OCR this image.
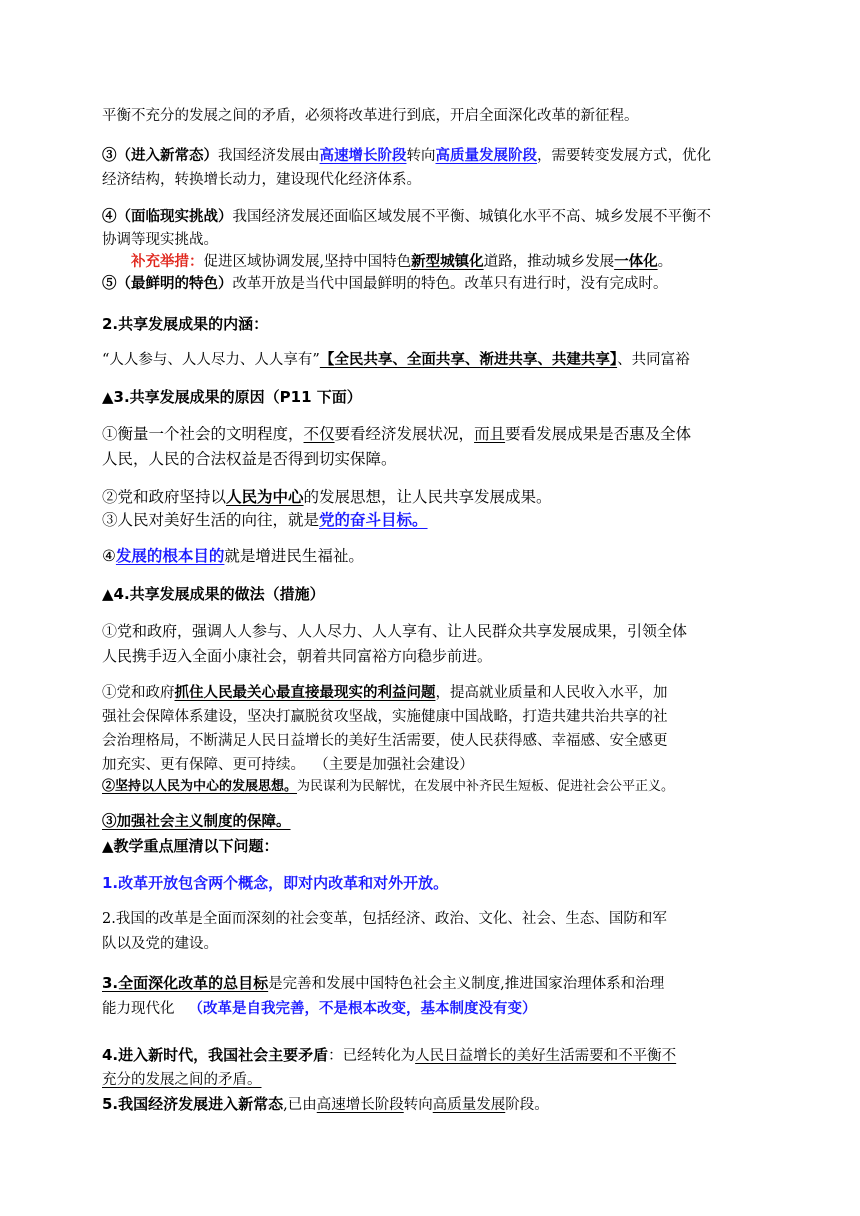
平衡不充分的发展之间的矛盾，必须将改革进行到底，开启全面深化改革的新征程。
③（进入新常态）我国经济发展由高速增长阶段转向高质量发展阶段，需要转变发展方式，优化
经济结构，转换增长动力，建设现代化经济体系。
④（面临现实挑战）我国经济发展还面临区域发展不平衡、城镇化水平不高、城乡发展不平衡不
协调等现实挑战。
补充举措：促进区域协调发展,坚持中国特色新型城镇化道路，推动城乡发展一体化。
⑤（最鲜明的特色）改革开放是当代中国最鲜明的特色。改革只有进行时，没有完成时。
2.共享发展成果的内涵：
“人人参与、人人尽力、人人享有”【全民共享、全面共享、渐进共享、共建共享】、共同富裕
▲3.共享发展成果的原因（P11 下面）
①衡量一个社会的文明程度，不仅要看经济发展状况，而且要看发展成果是否惠及全体
人民，人民的合法权益是否得到切实保障。
②党和政府坚持以人民为中心的发展思想，让人民共享发展成果。
③人民对美好生活的向往，就是党的奋斗目标。
④发展的根本目的就是增进民生福祉。
▲4.共享发展成果的做法（措施）
①党和政府，强调人人参与、人人尽力、人人享有、让人民群众共享发展成果，引领全体
人民携手迈入全面小康社会，朝着共同富裕方向稳步前进。
①党和政府抓住人民最关心最直接最现实的利益问题，提高就业质量和人民收入水平，加
强社会保障体系建设，坚决打赢脱贫攻坚战，实施健康中国战略，打造共建共治共享的社
会治理格局，不断满足人民日益增长的美好生活需要，使人民获得感、幸福感、安全感更
加充实、更有保障、更可持续。  （主要是加强社会建设）
②坚持以人民为中心的发展思想。为民谋利为民解忧，在发展中补齐民生短板、促进社会公平正义。
③加强社会主义制度的保障。
▲教学重点厘清以下问题：
1.改革开放包含两个概念，即对内改革和对外开放。
2.我国的改革是全面而深刻的社会变革，包括经济、政治、文化、社会、生态、国防和军
队以及党的建设。
3.全面深化改革的总目标是完善和发展中国特色社会主义制度,推进国家治理体系和治理
能力现代化 （改革是自我完善，不是根本改变，基本制度没有变）
4.进入新时代，我国社会主要矛盾：已经转化为人民日益增长的美好生活需要和不平衡不
充分的发展之间的矛盾。
5.我国经济发展进入新常态,已由高速增长阶段转向高质量发展阶段。
